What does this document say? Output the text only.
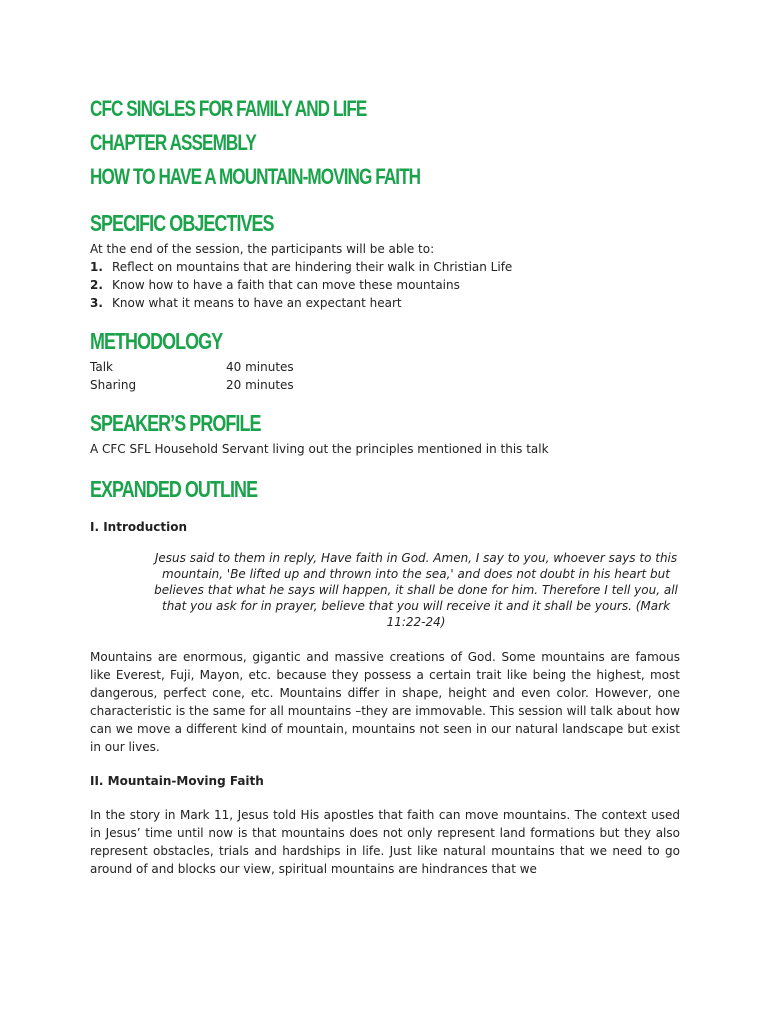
CFC SINGLES FOR FAMILY AND LIFE

CHAPTER ASSEMBLY

HOW TO HAVE A MOUNTAIN-MOVING FAITH

SPECIFIC OBJECTIVES

At the end of the session, the participants will be able to:

1. Reflect on mountains that are hindering their walk in Christian Life
2. Know how to have a faith that can move these mountains
3. Know what it means to have an expectant heart

METHODOLOGY

Talk	40 minutes
Sharing	20 minutes

SPEAKER’S PROFILE

A CFC SFL Household Servant living out the principles mentioned in this talk

EXPANDED OUTLINE

I. Introduction

Jesus said to them in reply, Have faith in God. Amen, I say to you, whoever says to this mountain, 'Be lifted up and thrown into the sea,' and does not doubt in his heart but believes that what he says will happen, it shall be done for him. Therefore I tell you, all that you ask for in prayer, believe that you will receive it and it shall be yours. (Mark 11:22-24)

Mountains are enormous, gigantic and massive creations of God. Some mountains are famous like Everest, Fuji, Mayon, etc. because they possess a certain trait like being the highest, most dangerous, perfect cone, etc. Mountains differ in shape, height and even color. However, one characteristic is the same for all mountains –they are immovable. This session will talk about how can we move a different kind of mountain, mountains not seen in our natural landscape but exist in our lives.

II. Mountain-Moving Faith

In the story in Mark 11, Jesus told His apostles that faith can move mountains. The context used in Jesus’ time until now is that mountains does not only represent land formations but they also represent obstacles, trials and hardships in life. Just like natural mountains that we need to go around of and blocks our view, spiritual mountains are hindrances that we
